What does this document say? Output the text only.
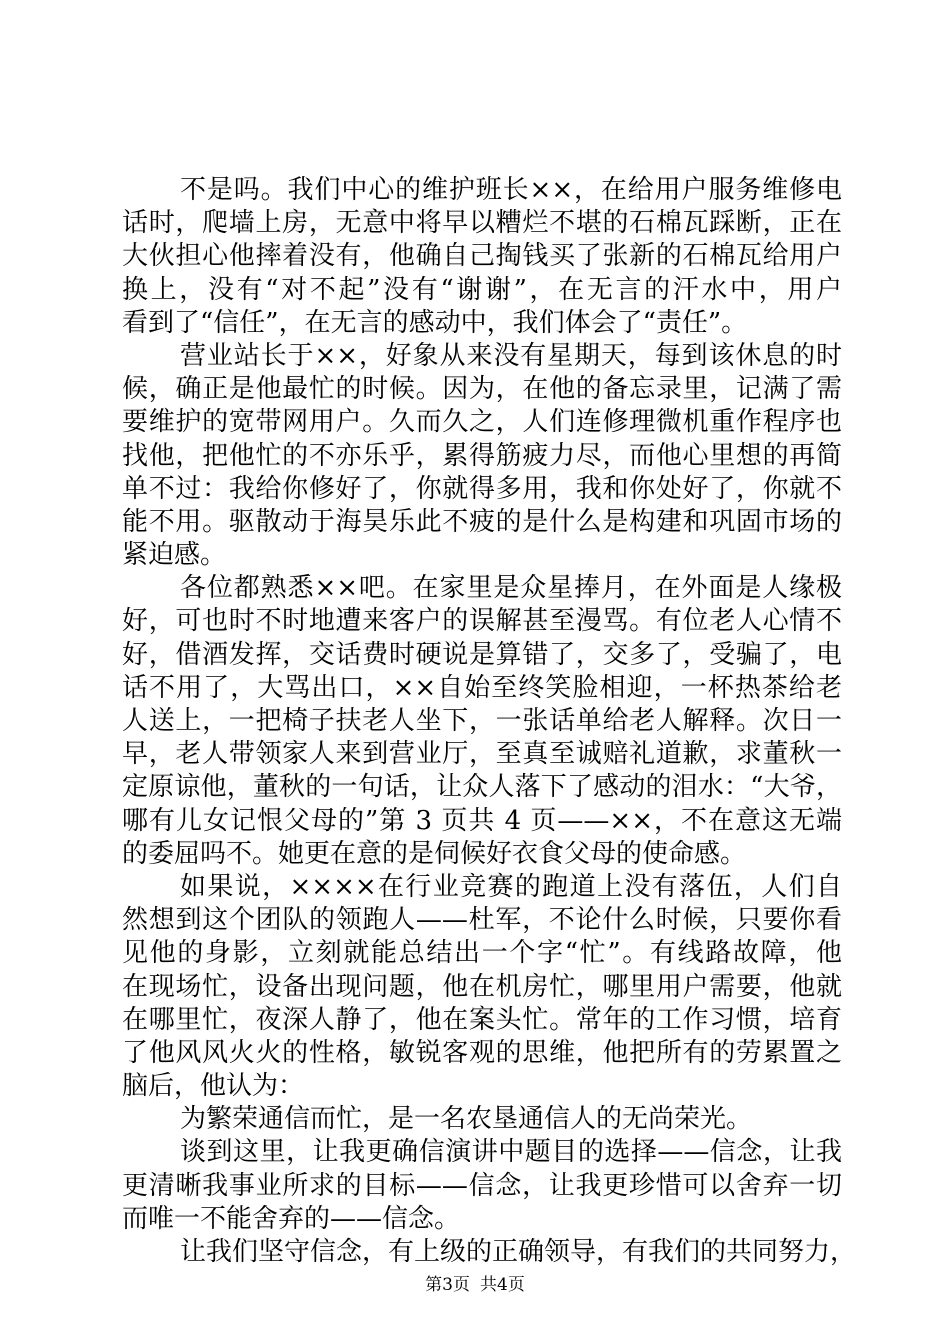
不是吗。我们中心的维护班长××，在给用户服务维修电
话时，爬墙上房，无意中将早以糟烂不堪的石棉瓦踩断，正在
大伙担心他摔着没有，他确自己掏钱买了张新的石棉瓦给用户
换上，没有“对不起”没有“谢谢”，在无言的汗水中，用户
看到了“信任”，在无言的感动中，我们体会了“责任”。
营业站长于××，好象从来没有星期天，每到该休息的时
候，确正是他最忙的时候。因为，在他的备忘录里，记满了需
要维护的宽带网用户。久而久之，人们连修理微机重作程序也
找他，把他忙的不亦乐乎，累得筋疲力尽，而他心里想的再简
单不过：我给你修好了，你就得多用，我和你处好了，你就不
能不用。驱散动于海昊乐此不疲的是什么是构建和巩固市场的
紧迫感。
各位都熟悉××吧。在家里是众星捧月，在外面是人缘极
好，可也时不时地遭来客户的误解甚至漫骂。有位老人心情不
好，借酒发挥，交话费时硬说是算错了，交多了，受骗了，电
话不用了，大骂出口，××自始至终笑脸相迎，一杯热茶给老
人送上，一把椅子扶老人坐下，一张话单给老人解释。次日一
早，老人带领家人来到营业厅，至真至诚赔礼道歉，求董秋一
定原谅他，董秋的一句话，让众人落下了感动的泪水：“大爷，
哪有儿女记恨父母的”第 3 页共 4 页——××，不在意这无端
的委屈吗不。她更在意的是伺候好衣食父母的使命感。
如果说，××××在行业竞赛的跑道上没有落伍，人们自
然想到这个团队的领跑人——杜军，不论什么时候，只要你看
见他的身影，立刻就能总结出一个字“忙”。有线路故障，他
在现场忙，设备出现问题，他在机房忙，哪里用户需要，他就
在哪里忙，夜深人静了，他在案头忙。常年的工作习惯，培育
了他风风火火的性格，敏锐客观的思维，他把所有的劳累置之
脑后，他认为：
为繁荣通信而忙，是一名农垦通信人的无尚荣光。
谈到这里，让我更确信演讲中题目的选择——信念，让我
更清晰我事业所求的目标——信念，让我更珍惜可以舍弃一切
而唯一不能舍弃的——信念。
让我们坚守信念，有上级的正确领导，有我们的共同努力，
第3页 共4页
